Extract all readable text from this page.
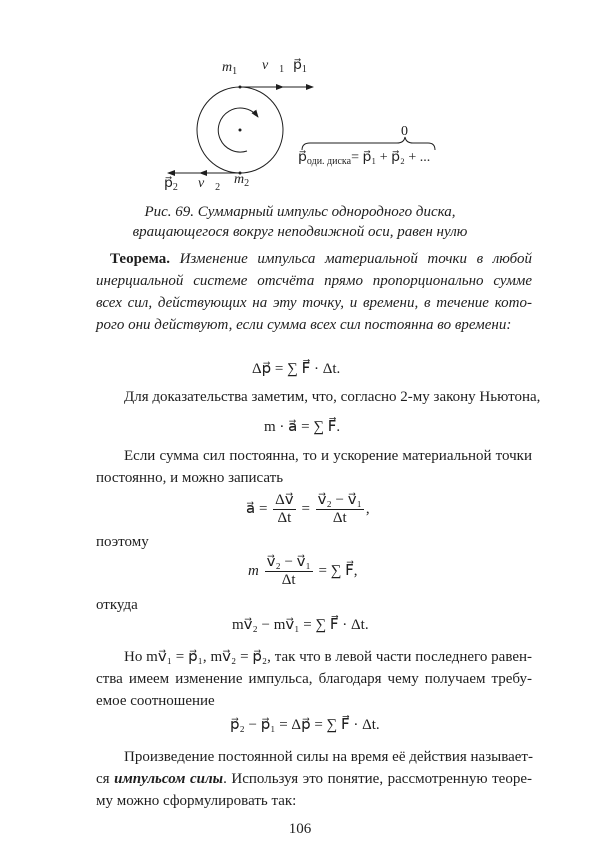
$m_1$ $v⃗_1$ $p⃗_1$
$m_2$
$v⃗_2$
$p⃗_2$
0
$p⃗_{оди. диска}=$ p⃗₁ + p⃗₂ + ...
Рис. 69. Суммарный импульс однородного диска,
вращающегося вокруг неподвижной оси, равен нулю
Теорема. Изменение импульса материальной точки в любой
инерциальной системе отсчёта прямо пропорционально сумме
всех сил, действующих на эту точку, и времени, в течение кото-
рого они действуют, если сумма всех сил постоянна во времени:
Δp⃗ = ∑ F⃗ · Δt.
Для доказательства заметим, что, согласно 2-му закону Ньютона,
m · a⃗ = ∑ F⃗.
Если сумма сил постоянна, то и ускорение материальной точки
постоянно, и можно записать
a⃗ = $\frac{\Delta v⃗}{\Delta t} = \frac{\text{v⃗₂ − v⃗₁}}{\Delta t}$ ,
поэтому
m $\frac{\text{v⃗₂ − v⃗₁}}{\Delta t}$ = ∑ F⃗,
откуда
mv⃗₂ − mv⃗₁ = ∑ F⃗ · Δt.
Но mv⃗₁ = p⃗₁, mv⃗₂ = p⃗₂, так что в левой части последнего равен-
ства имеем изменение импульса, благодаря чему получаем требу-
емое соотношение
p⃗₂ − p⃗₁ = Δp⃗ = ∑ F⃗ · Δt.
Произведение постоянной силы на время её действия называет-
ся импульсом силы. Используя это понятие, рассмотренную теоре-
му можно сформулировать так:
106
